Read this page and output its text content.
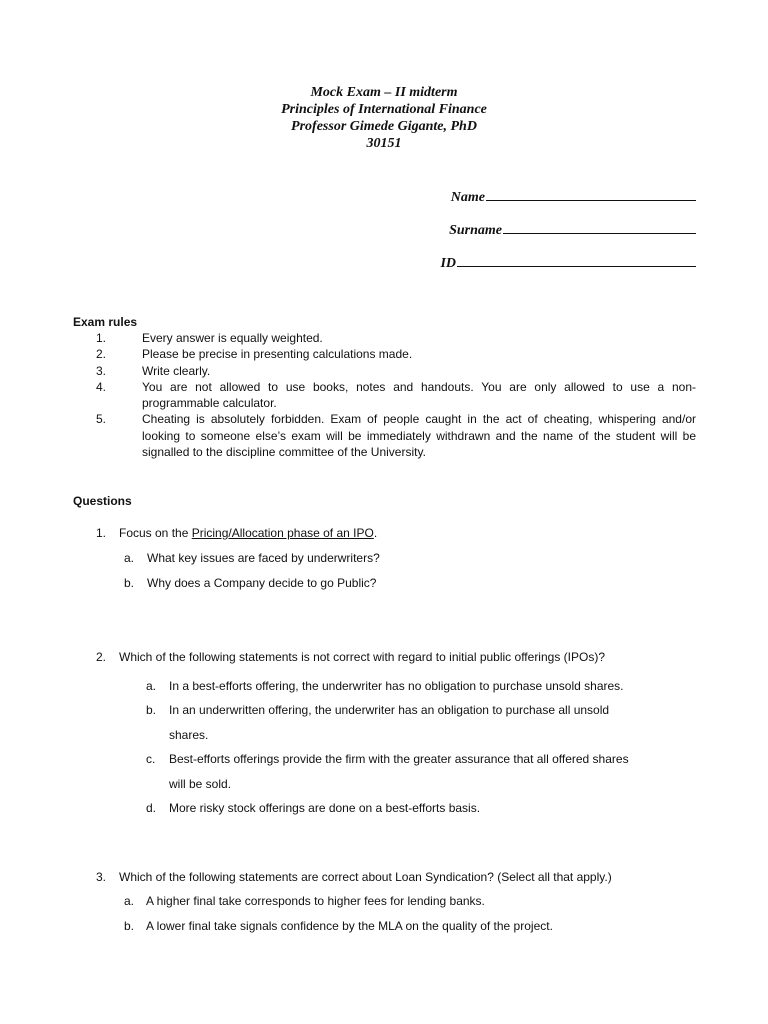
Mock Exam – II midterm
Principles of International Finance
Professor Gimede Gigante, PhD
30151
Name
Surname
ID
Exam rules
1.	Every answer is equally weighted.
2.	Please be precise in presenting calculations made.
3.	Write clearly.
4.	You are not allowed to use books, notes and handouts. You are only allowed to use a non-programmable calculator.
5.	Cheating is absolutely forbidden. Exam of people caught in the act of cheating, whispering and/or looking to someone else’s exam will be immediately withdrawn and the name of the student will be signalled to the discipline committee of the University.
Questions
1.	Focus on the Pricing/Allocation phase of an IPO.
a.	What key issues are faced by underwriters?
b.	Why does a Company decide to go Public?
2.	Which of the following statements is not correct with regard to initial public offerings (IPOs)?
a.	In a best-efforts offering, the underwriter has no obligation to purchase unsold shares.
b.	In an underwritten offering, the underwriter has an obligation to purchase all unsold
shares.
c.	Best-efforts offerings provide the firm with the greater assurance that all offered shares
will be sold.
d.	More risky stock offerings are done on a best-efforts basis.
3.	Which of the following statements are correct about Loan Syndication? (Select all that apply.)
a. A higher final take corresponds to higher fees for lending banks.
b. A lower final take signals confidence by the MLA on the quality of the project.
